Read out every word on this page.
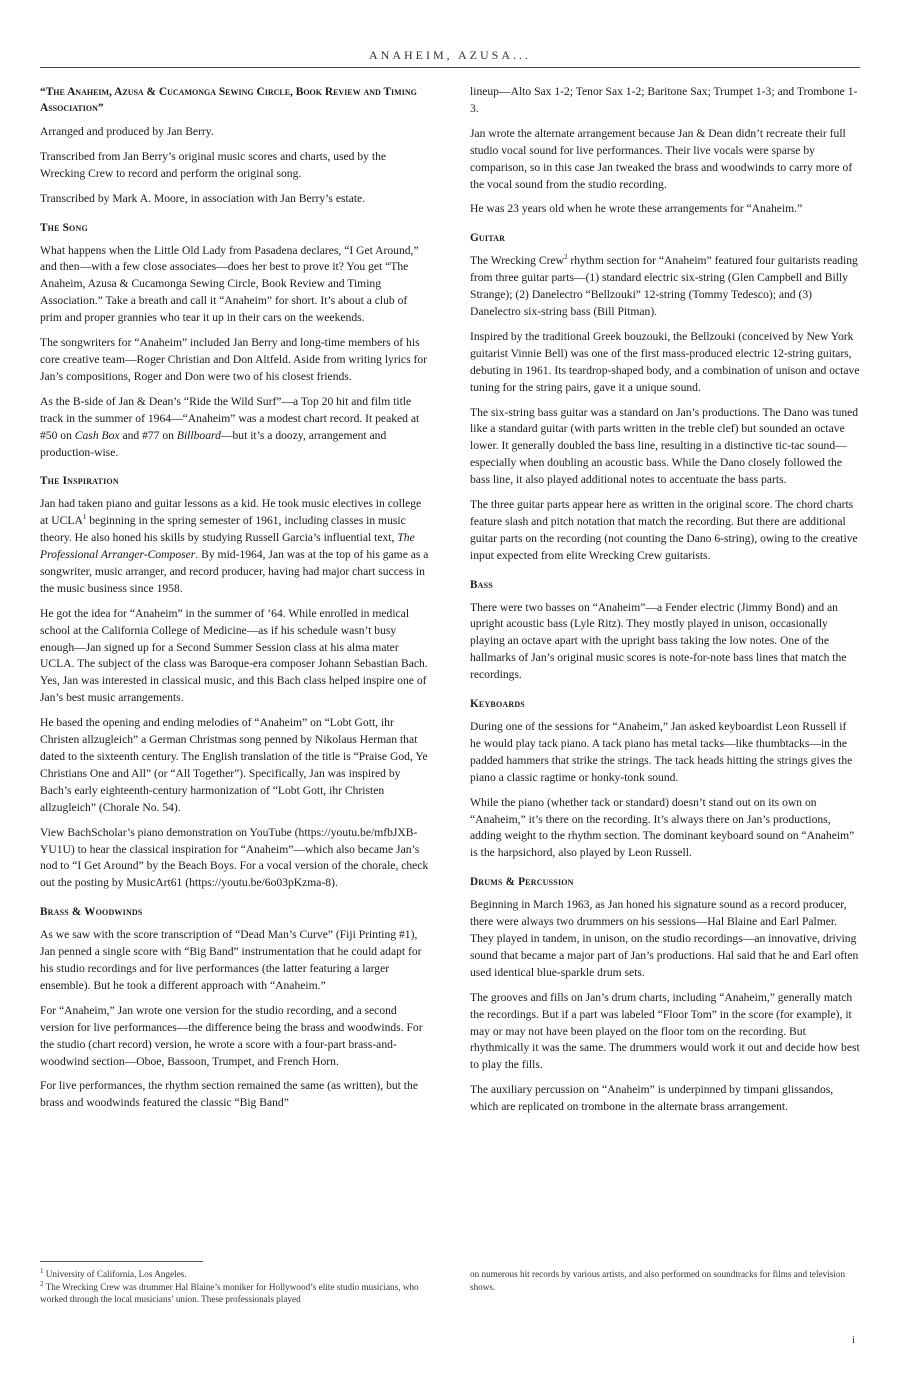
ANAHEIM, AZUSA...
“The Anaheim, Azusa & Cucamonga Sewing Circle, Book Review and Timing Association”

Arranged and produced by Jan Berry.

Transcribed from Jan Berry’s original music scores and charts, used by the Wrecking Crew to record and perform the original song.

Transcribed by Mark A. Moore, in association with Jan Berry’s estate.

The Song

What happens when the Little Old Lady from Pasadena declares, “I Get Around,” and then—with a few close associates—does her best to prove it? You get “The Anaheim, Azusa & Cucamonga Sewing Circle, Book Review and Timing Association.” Take a breath and call it “Anaheim” for short. It’s about a club of prim and proper grannies who tear it up in their cars on the weekends.

The songwriters for “Anaheim” included Jan Berry and long-time members of his core creative team—Roger Christian and Don Altfeld. Aside from writing lyrics for Jan’s compositions, Roger and Don were two of his closest friends.

As the B-side of Jan & Dean’s “Ride the Wild Surf”—a Top 20 hit and film title track in the summer of 1964—“Anaheim” was a modest chart record. It peaked at #50 on Cash Box and #77 on Billboard—but it’s a doozy, arrangement and production-wise.

The Inspiration

Jan had taken piano and guitar lessons as a kid. He took music electives in college at UCLA$^1$ beginning in the spring semester of 1961, including classes in music theory. He also honed his skills by studying Russell Garcia’s influential text, The Professional Arranger-Composer. By mid-1964, Jan was at the top of his game as a songwriter, music arranger, and record producer, having had major chart success in the music business since 1958.

He got the idea for “Anaheim” in the summer of ’64. While enrolled in medical school at the California College of Medicine—as if his schedule wasn’t busy enough—Jan signed up for a Second Summer Session class at his alma mater UCLA. The subject of the class was Baroque-era composer Johann Sebastian Bach. Yes, Jan was interested in classical music, and this Bach class helped inspire one of Jan’s best music arrangements.

He based the opening and ending melodies of “Anaheim” on “Lobt Gott, ihr Christen allzugleich” a German Christmas song penned by Nikolaus Herman that dated to the sixteenth century. The English translation of the title is “Praise God, Ye Christians One and All” (or “All Together”). Specifically, Jan was inspired by Bach’s early eighteenth-century harmonization of “Lobt Gott, ihr Christen allzugleich” (Chorale No. 54).

View BachScholar’s piano demonstration on YouTube (https://youtu.be/mfbJXB-YU1U) to hear the classical inspiration for “Anaheim”—which also became Jan’s nod to “I Get Around” by the Beach Boys. For a vocal version of the chorale, check out the posting by MusicArt61 (https://youtu.be/6o03pKzma-8).

Brass & Woodwinds

As we saw with the score transcription of “Dead Man’s Curve” (Fiji Printing #1), Jan penned a single score with “Big Band” instrumentation that he could adapt for his studio recordings and for live performances (the latter featuring a larger ensemble). But he took a different approach with “Anaheim.”

For “Anaheim,” Jan wrote one version for the studio recording, and a second version for live performances—the difference being the brass and woodwinds. For the studio (chart record) version, he wrote a score with a four-part brass-and-woodwind section—Oboe, Bassoon, Trumpet, and French Horn.

For live performances, the rhythm section remained the same (as written), but the brass and woodwinds featured the classic “Big Band”

lineup—Alto Sax 1-2; Tenor Sax 1-2; Baritone Sax; Trumpet 1-3; and Trombone 1-3.

Jan wrote the alternate arrangement because Jan & Dean didn’t recreate their full studio vocal sound for live performances. Their live vocals were sparse by comparison, so in this case Jan tweaked the brass and woodwinds to carry more of the vocal sound from the studio recording.

He was 23 years old when he wrote these arrangements for “Anaheim.”

Guitar

The Wrecking Crew$^2$ rhythm section for “Anaheim” featured four guitarists reading from three guitar parts—(1) standard electric six-string (Glen Campbell and Billy Strange); (2) Danelectro “Bellzouki” 12-string (Tommy Tedesco); and (3) Danelectro six-string bass (Bill Pitman).

Inspired by the traditional Greek bouzouki, the Bellzouki (conceived by New York guitarist Vinnie Bell) was one of the first mass-produced electric 12-string guitars, debuting in 1961. Its teardrop-shaped body, and a combination of unison and octave tuning for the string pairs, gave it a unique sound.

The six-string bass guitar was a standard on Jan’s productions. The Dano was tuned like a standard guitar (with parts written in the treble clef) but sounded an octave lower. It generally doubled the bass line, resulting in a distinctive tic-tac sound—especially when doubling an acoustic bass. While the Dano closely followed the bass line, it also played additional notes to accentuate the bass parts.

The three guitar parts appear here as written in the original score. The chord charts feature slash and pitch notation that match the recording. But there are additional guitar parts on the recording (not counting the Dano 6-string), owing to the creative input expected from elite Wrecking Crew guitarists.

Bass

There were two basses on “Anaheim”—a Fender electric (Jimmy Bond) and an upright acoustic bass (Lyle Ritz). They mostly played in unison, occasionally playing an octave apart with the upright bass taking the low notes. One of the hallmarks of Jan’s original music scores is note-for-note bass lines that match the recordings.

Keyboards

During one of the sessions for “Anaheim,” Jan asked keyboardist Leon Russell if he would play tack piano. A tack piano has metal tacks—like thumbtacks—in the padded hammers that strike the strings. The tack heads hitting the strings gives the piano a classic ragtime or honky-tonk sound.

While the piano (whether tack or standard) doesn’t stand out on its own on “Anaheim,” it’s there on the recording. It’s always there on Jan’s productions, adding weight to the rhythm section. The dominant keyboard sound on “Anaheim” is the harpsichord, also played by Leon Russell.

Drums & Percussion

Beginning in March 1963, as Jan honed his signature sound as a record producer, there were always two drummers on his sessions—Hal Blaine and Earl Palmer. They played in tandem, in unison, on the studio recordings—an innovative, driving sound that became a major part of Jan’s productions. Hal said that he and Earl often used identical blue-sparkle drum sets.

The grooves and fills on Jan’s drum charts, including “Anaheim,” generally match the recordings. But if a part was labeled “Floor Tom” in the score (for example), it may or may not have been played on the floor tom on the recording. But rhythmically it was the same. The drummers would work it out and decide how best to play the fills.

The auxiliary percussion on “Anaheim” is underpinned by timpani glissandos, which are replicated on trombone in the alternate brass arrangement.

$^1$ University of California, Los Angeles.

$^2$ The Wrecking Crew was drummer Hal Blaine’s moniker for Hollywood’s elite studio musicians, who worked through the local musicians’ union. These professionals played

on numerous hit records by various artists, and also performed on soundtracks for films and television shows.

i
